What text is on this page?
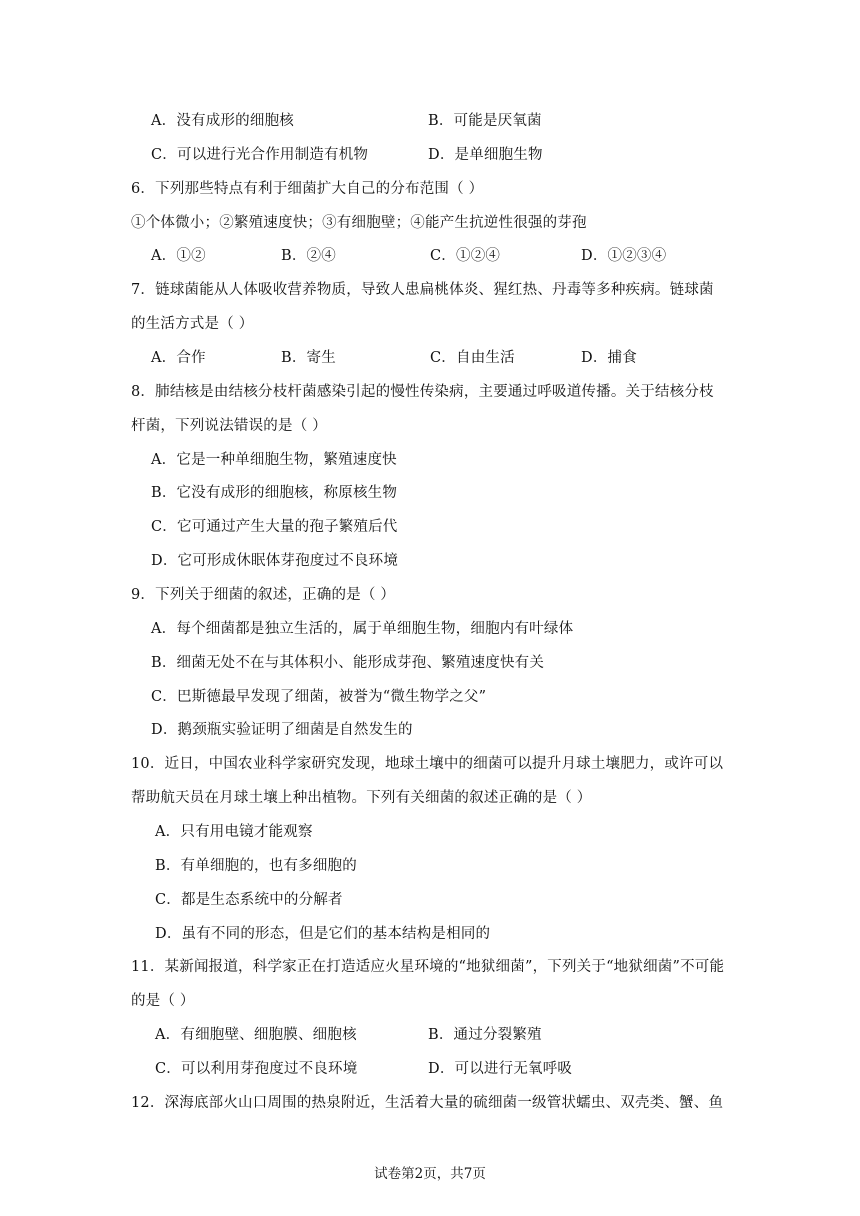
A．没有成形的细胞核	B．可能是厌氧菌
C．可以进行光合作用制造有机物	D．是单细胞生物
6．下列那些特点有利于细菌扩大自己的分布范围（ ）
①个体微小；②繁殖速度快；③有细胞壁；④能产生抗逆性很强的芽孢
A．①②	B．②④	C．①②④	D．①②③④
7．链球菌能从人体吸收营养物质，导致人患扁桃体炎、猩红热、丹毒等多种疾病。链球菌
的生活方式是（ ）
A．合作	B．寄生	C．自由生活	D．捕食
8．肺结核是由结核分枝杆菌感染引起的慢性传染病，主要通过呼吸道传播。关于结核分枝
杆菌，下列说法错误的是（ ）
A．它是一种单细胞生物，繁殖速度快
B．它没有成形的细胞核，称原核生物
C．它可通过产生大量的孢子繁殖后代
D．它可形成休眠体芽孢度过不良环境
9．下列关于细菌的叙述，正确的是（ ）
A．每个细菌都是独立生活的，属于单细胞生物，细胞内有叶绿体
B．细菌无处不在与其体积小、能形成芽孢、繁殖速度快有关
C．巴斯德最早发现了细菌，被誉为“微生物学之父”
D．鹅颈瓶实验证明了细菌是自然发生的
10．近日，中国农业科学家研究发现，地球土壤中的细菌可以提升月球土壤肥力，或许可以
帮助航天员在月球土壤上种出植物。下列有关细菌的叙述正确的是（ ）
A．只有用电镜才能观察
B．有单细胞的，也有多细胞的
C．都是生态系统中的分解者
D．虽有不同的形态，但是它们的基本结构是相同的
11．某新闻报道，科学家正在打造适应火星环境的“地狱细菌”，下列关于“地狱细菌”不可能
的是（ ）
A．有细胞壁、细胞膜、细胞核	B．通过分裂繁殖
C．可以利用芽孢度过不良环境	D．可以进行无氧呼吸
12．深海底部火山口周围的热泉附近，生活着大量的硫细菌一级管状蠕虫、双壳类、蟹、鱼
试卷第2页，共7页
